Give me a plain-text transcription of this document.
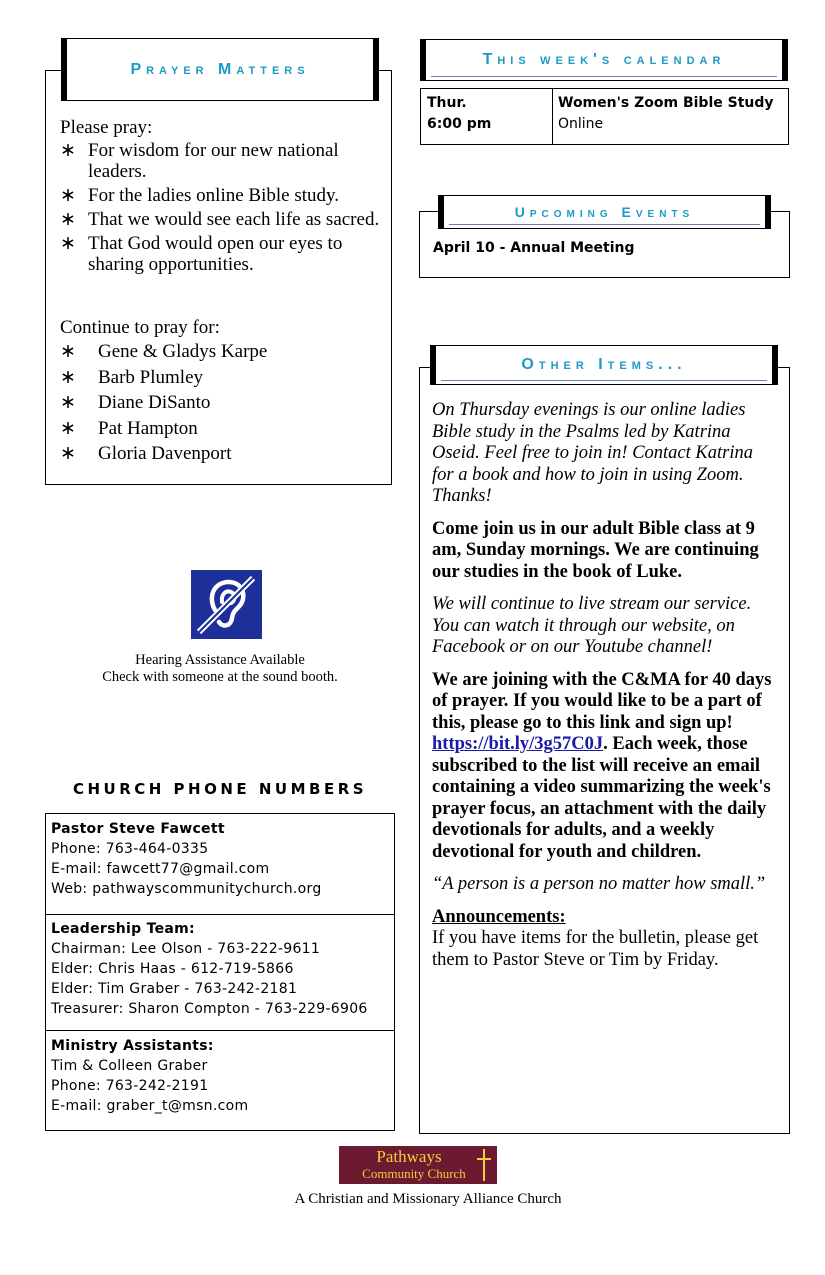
Prayer Matters
Please pray:
∗ For wisdom for our new national leaders.
∗ For the ladies online Bible study.
∗ That we would see each life as sacred.
∗ That God would open our eyes to sharing opportunities.
Continue to pray for:
∗ Gene & Gladys Karpe
∗ Barb Plumley
∗ Diane DiSanto
∗ Pat Hampton
∗ Gloria Davenport
Hearing Assistance Available
Check with someone at the sound booth.
CHURCH PHONE NUMBERS
Pastor Steve Fawcett
Phone: 763-464-0335
E-mail: fawcett77@gmail.com
Web: pathwayscommunitychurch.org
Leadership Team:
Chairman: Lee Olson - 763-222-9611
Elder: Chris Haas - 612-719-5866
Elder: Tim Graber - 763-242-2181
Treasurer: Sharon Compton - 763-229-6906
Ministry Assistants:
Tim & Colleen Graber
Phone: 763-242-2191
E-mail: graber_t@msn.com
This week's calendar
Thur.
6:00 pm
Women's Zoom Bible Study
Online
Upcoming Events
April 10 - Annual Meeting
Other Items...

On Thursday evenings is our online ladies Bible study in the Psalms led by Katrina Oseid. Feel free to join in! Contact Katrina for a book and how to join in using Zoom. Thanks!

Come join us in our adult Bible class at 9 am, Sunday mornings. We are continuing our studies in the book of Luke.

We will continue to live stream our service. You can watch it through our website, on Facebook or on our Youtube channel!

We are joining with the C&MA for 40 days of prayer. If you would like to be a part of this, please go to this link and sign up! https://bit.ly/3g57C0J. Each week, those subscribed to the list will receive an email containing a video summarizing the week's prayer focus, an attachment with the daily devotionals for adults, and a weekly devotional for youth and children.

“A person is a person no matter how small.”

Announcements:

If you have items for the bulletin, please get them to Pastor Steve or Tim by Friday.

Pathways
Community Church
A Christian and Missionary Alliance Church
